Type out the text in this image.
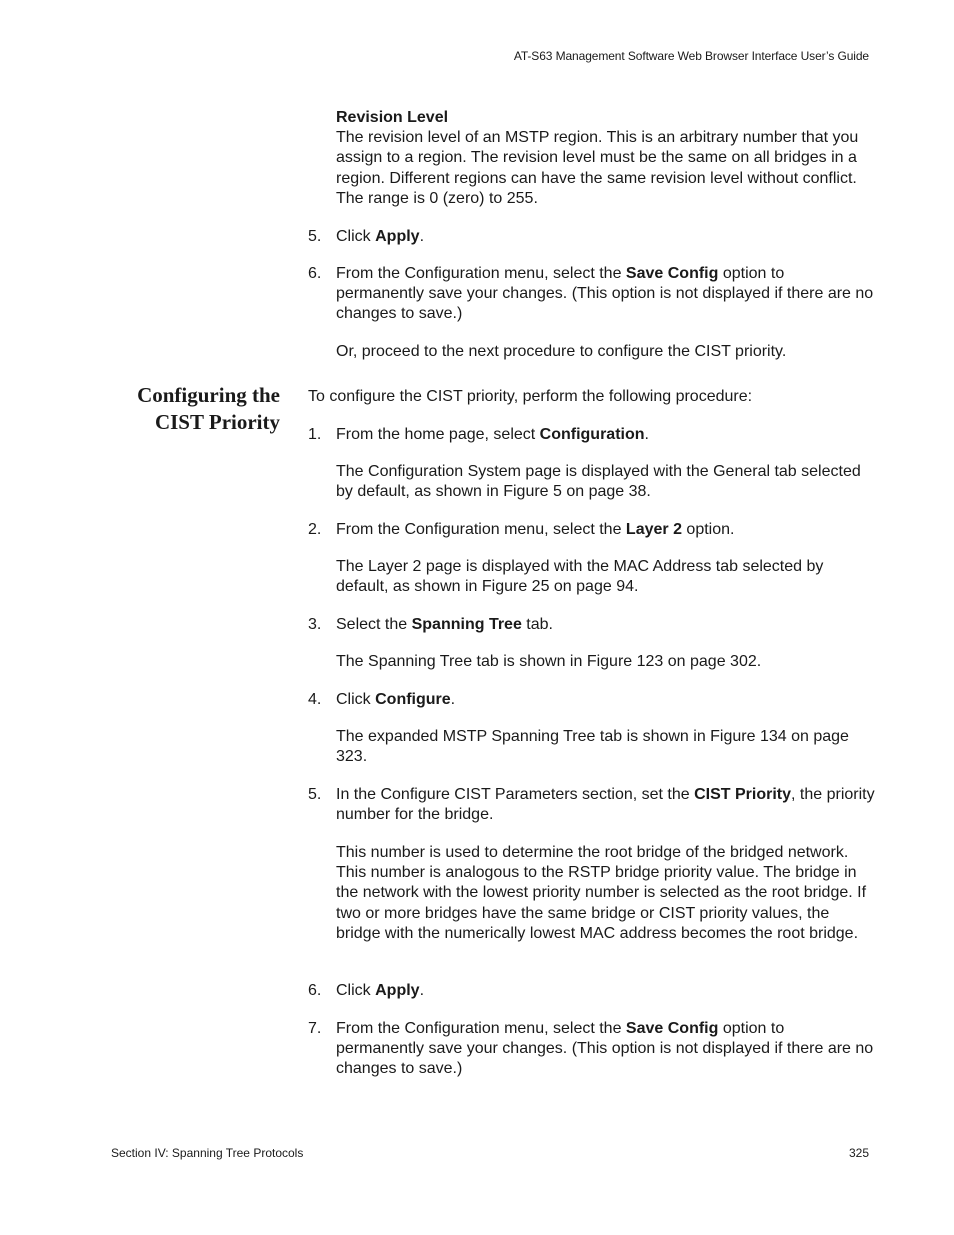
AT-S63 Management Software Web Browser Interface User’s Guide
Revision Level
The revision level of an MSTP region. This is an arbitrary number that you assign to a region. The revision level must be the same on all bridges in a region. Different regions can have the same revision level without conflict. The range is 0 (zero) to 255.
5. Click Apply.
6. From the Configuration menu, select the Save Config option to permanently save your changes. (This option is not displayed if there are no changes to save.)
Or, proceed to the next procedure to configure the CIST priority.
Configuring the
CIST Priority
To configure the CIST priority, perform the following procedure:
1. From the home page, select Configuration.
The Configuration System page is displayed with the General tab selected by default, as shown in Figure 5 on page 38.
2. From the Configuration menu, select the Layer 2 option.
The Layer 2 page is displayed with the MAC Address tab selected by default, as shown in Figure 25 on page 94.
3. Select the Spanning Tree tab.
The Spanning Tree tab is shown in Figure 123 on page 302.
4. Click Configure.
The expanded MSTP Spanning Tree tab is shown in Figure 134 on page 323.
5. In the Configure CIST Parameters section, set the CIST Priority, the priority number for the bridge.
This number is used to determine the root bridge of the bridged network. This number is analogous to the RSTP bridge priority value. The bridge in the network with the lowest priority number is selected as the root bridge. If two or more bridges have the same bridge or CIST priority values, the bridge with the numerically lowest MAC address becomes the root bridge.
6. Click Apply.
7. From the Configuration menu, select the Save Config option to permanently save your changes. (This option is not displayed if there are no changes to save.)
Section IV: Spanning Tree Protocols	325
